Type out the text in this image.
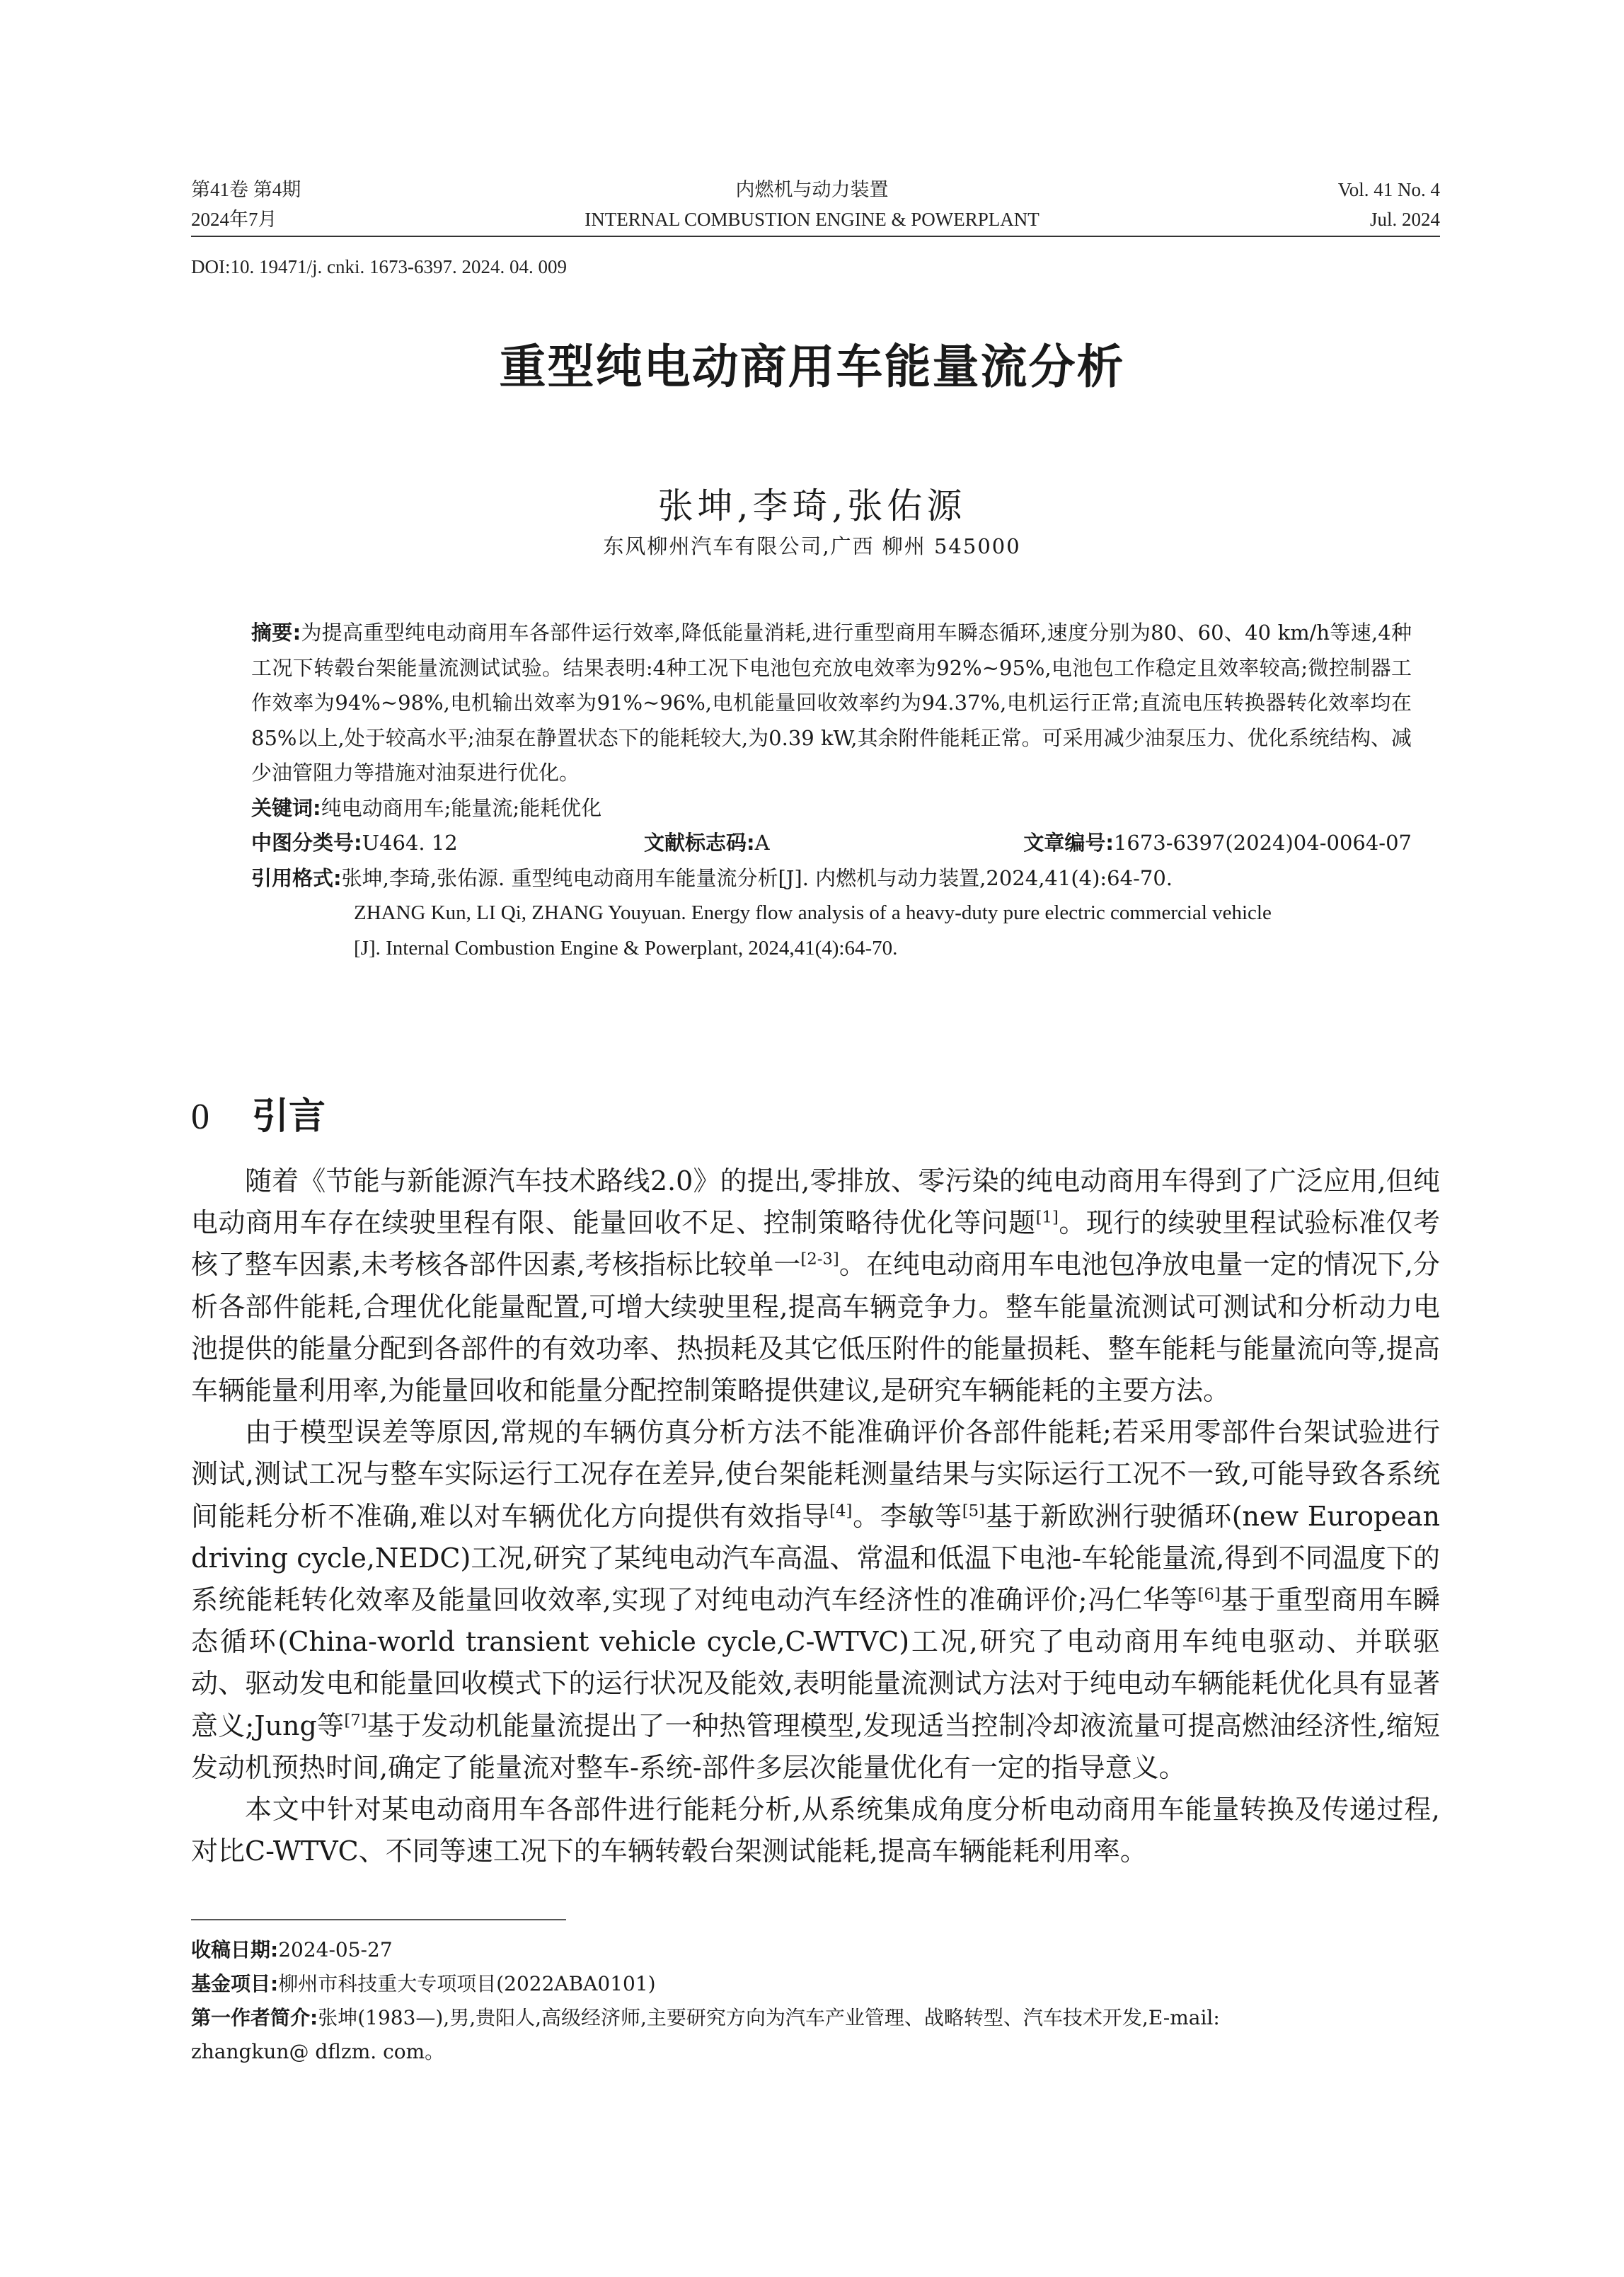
第41卷 第4期
2024年7月
内燃机与动力装置
INTERNAL COMBUSTION ENGINE & POWERPLANT
Vol. 41 No. 4
Jul. 2024
DOI:10. 19471/j. cnki. 1673-6397. 2024. 04. 009
重型纯电动商用车能量流分析
张坤,李琦,张佑源
东风柳州汽车有限公司,广西 柳州 545000
摘要:为提高重型纯电动商用车各部件运行效率,降低能量消耗,进行重型商用车瞬态循环,速度分别为80、60、40 km/h等速,4种工况下转毂台架能量流测试试验。结果表明:4种工况下电池包充放电效率为92%~95%,电池包工作稳定且效率较高;微控制器工作效率为94%~98%,电机输出效率为91%~96%,电机能量回收效率约为94.37%,电机运行正常;直流电压转换器转化效率均在85%以上,处于较高水平;油泵在静置状态下的能耗较大,为0.39 kW,其余附件能耗正常。可采用减少油泵压力、优化系统结构、减少油管阻力等措施对油泵进行优化。
关键词:纯电动商用车;能量流;能耗优化
中图分类号:U464. 12	文献标志码:A	文章编号:1673-6397(2024)04-0064-07
引用格式:张坤,李琦,张佑源. 重型纯电动商用车能量流分析[J]. 内燃机与动力装置,2024,41(4):64-70.
ZHANG Kun, LI Qi, ZHANG Youyuan. Energy flow analysis of a heavy-duty pure electric commercial vehicle
[J]. Internal Combustion Engine & Powerplant, 2024,41(4):64-70.
0 引言

随着《节能与新能源汽车技术路线2.0》的提出,零排放、零污染的纯电动商用车得到了广泛应用,但纯电动商用车存在续驶里程有限、能量回收不足、控制策略待优化等问题[1]。现行的续驶里程试验标准仅考核了整车因素,未考核各部件因素,考核指标比较单一[2-3]。在纯电动商用车电池包净放电量一定的情况下,分析各部件能耗,合理优化能量配置,可增大续驶里程,提高车辆竞争力。整车能量流测试可测试和分析动力电池提供的能量分配到各部件的有效功率、热损耗及其它低压附件的能量损耗、整车能耗与能量流向等,提高车辆能量利用率,为能量回收和能量分配控制策略提供建议,是研究车辆能耗的主要方法。

由于模型误差等原因,常规的车辆仿真分析方法不能准确评价各部件能耗;若采用零部件台架试验进行测试,测试工况与整车实际运行工况存在差异,使台架能耗测量结果与实际运行工况不一致,可能导致各系统间能耗分析不准确,难以对车辆优化方向提供有效指导[4]。李敏等[5]基于新欧洲行驶循环(new European driving cycle,NEDC)工况,研究了某纯电动汽车高温、常温和低温下电池-车轮能量流,得到不同温度下的系统能耗转化效率及能量回收效率,实现了对纯电动汽车经济性的准确评价;冯仁华等[6]基于重型商用车瞬态循环(China-world transient vehicle cycle,C-WTVC)工况,研究了电动商用车纯电驱动、并联驱动、驱动发电和能量回收模式下的运行状况及能效,表明能量流测试方法对于纯电动车辆能耗优化具有显著意义;Jung等[7]基于发动机能量流提出了一种热管理模型,发现适当控制冷却液流量可提高燃油经济性,缩短发动机预热时间,确定了能量流对整车-系统-部件多层次能量优化有一定的指导意义。

本文中针对某电动商用车各部件进行能耗分析,从系统集成角度分析电动商用车能量转换及传递过程,对比C-WTVC、不同等速工况下的车辆转毂台架测试能耗,提高车辆能耗利用率。

收稿日期:2024-05-27
基金项目:柳州市科技重大专项项目(2022ABA0101)
第一作者简介:张坤(1983—),男,贵阳人,高级经济师,主要研究方向为汽车产业管理、战略转型、汽车技术开发,E-mail:
zhangkun@ dflzm. com。
